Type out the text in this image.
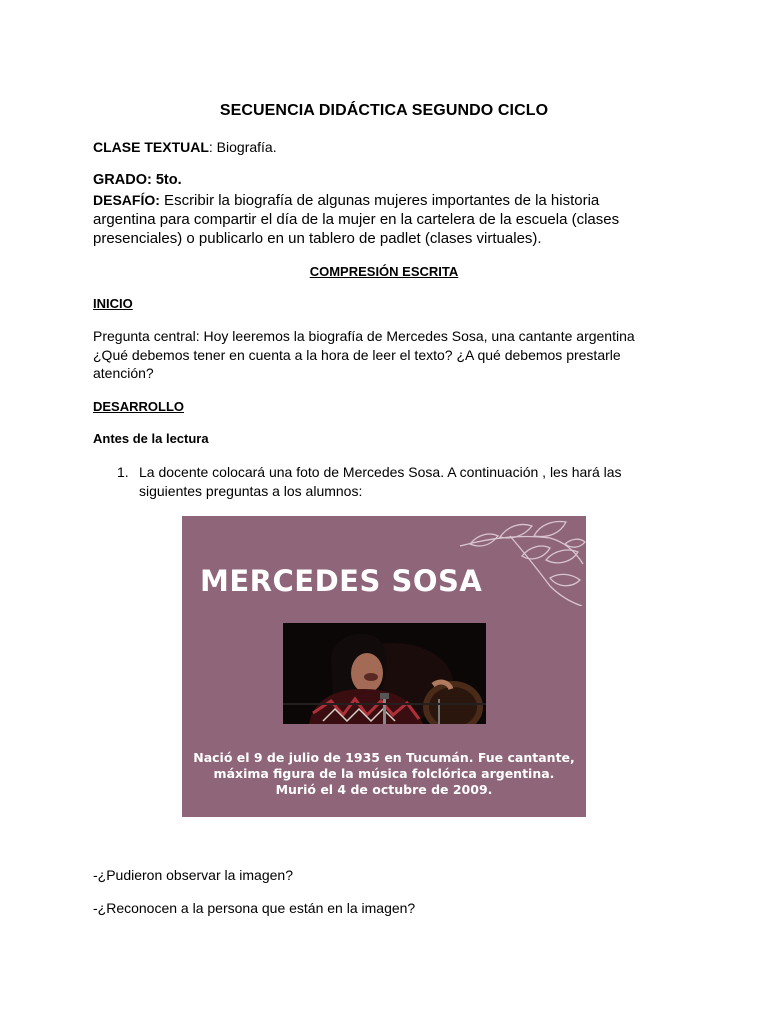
SECUENCIA DIDÁCTICA SEGUNDO CICLO
CLASE TEXTUAL: Biografía.
GRADO: 5to.
DESAFÍO: Escribir la biografía de algunas mujeres importantes de la historia
argentina para compartir el día de la mujer en la cartelera de la escuela (clases
presenciales) o publicarlo en un tablero de padlet (clases virtuales).
COMPRESIÓN ESCRITA
INICIO
Pregunta central: Hoy leeremos la biografía de Mercedes Sosa, una cantante argentina
¿Qué debemos tener en cuenta a la hora de leer el texto? ¿A qué debemos prestarle
atención?
DESARROLLO
Antes de la lectura
1. La docente colocará una foto de Mercedes Sosa. A continuación , les hará las
siguientes preguntas a los alumnos:
MERCEDES SOSA
Nació el 9 de julio de 1935 en Tucumán. Fue cantante,
máxima figura de la música folclórica argentina.
Murió el 4 de octubre de 2009.
-¿Pudieron observar la imagen?
-¿Reconocen a la persona que están en la imagen?
